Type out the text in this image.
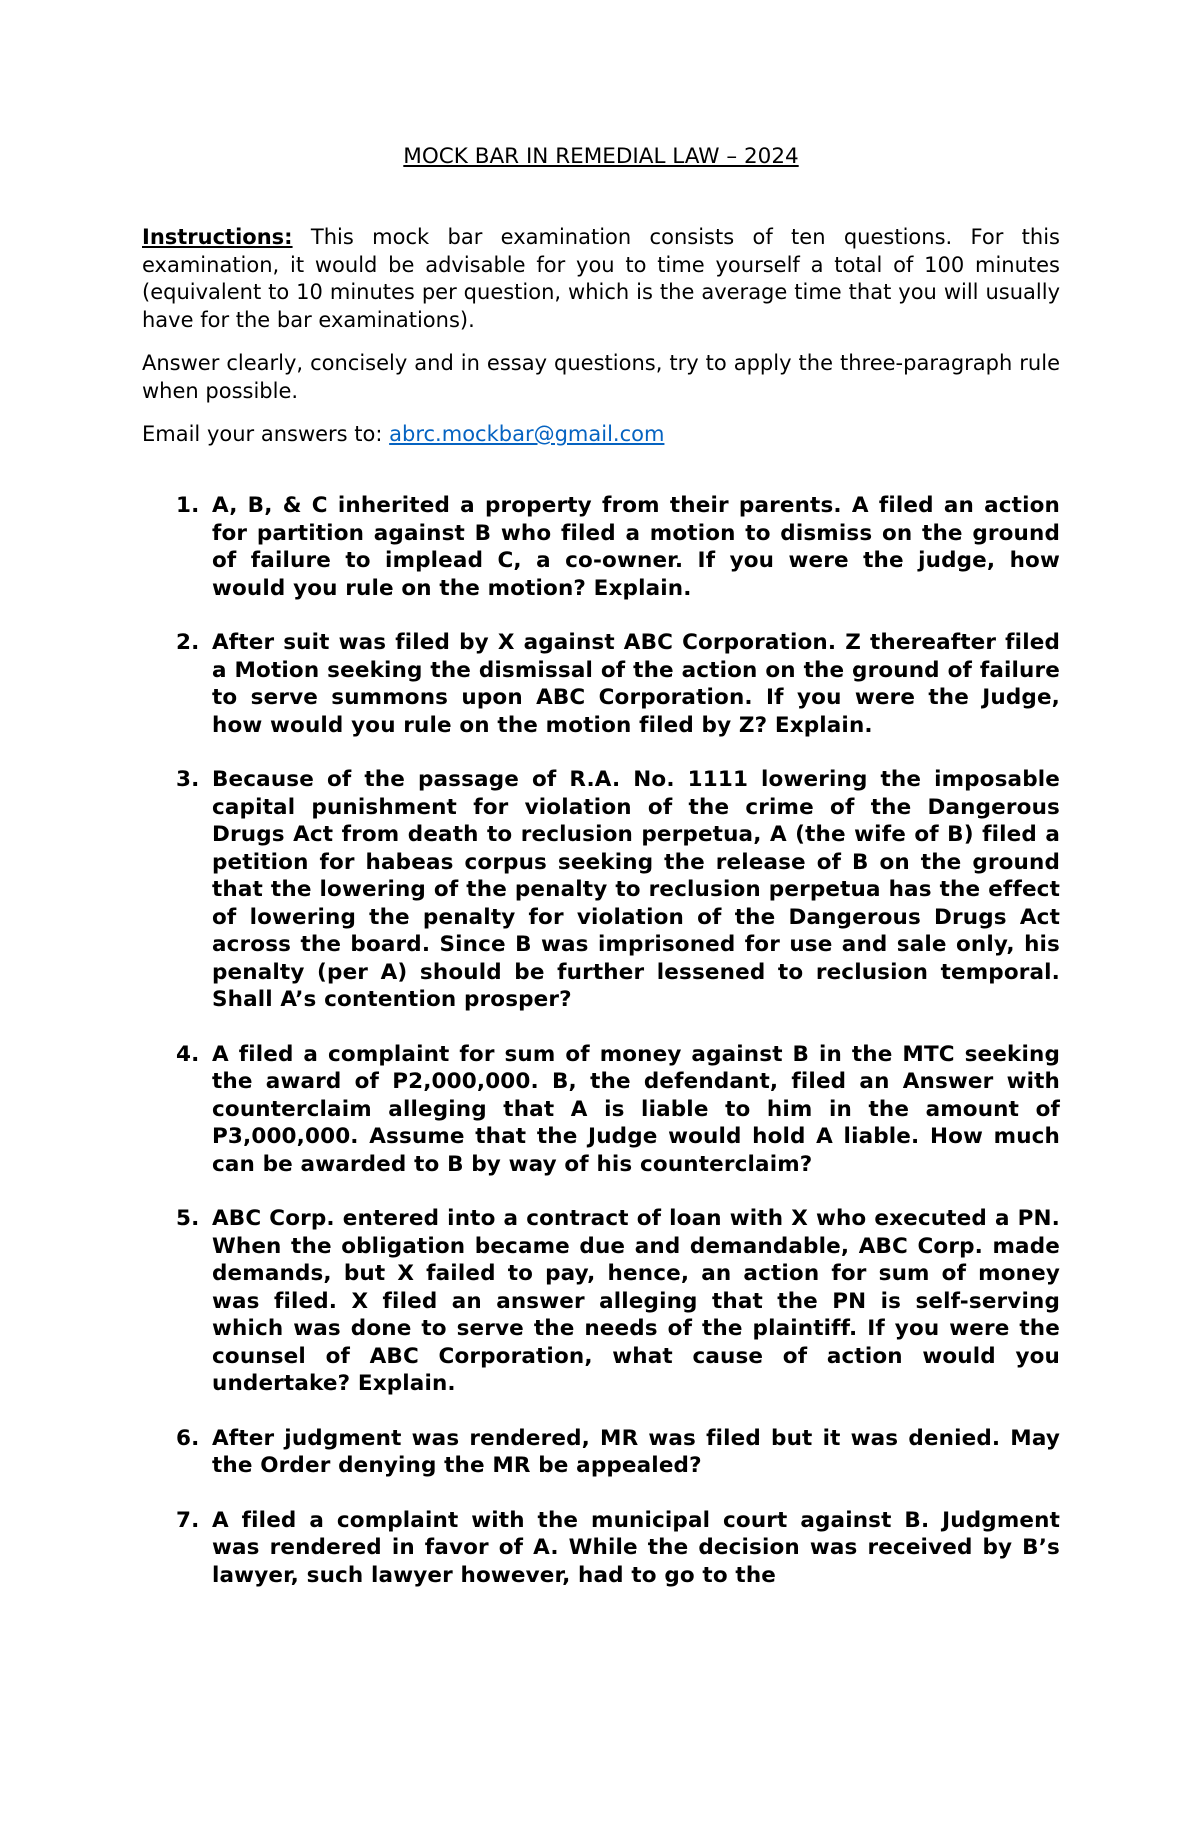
MOCK BAR IN REMEDIAL LAW – 2024

Instructions: This mock bar examination consists of ten questions. For this examination, it would be advisable for you to time yourself a total of 100 minutes (equivalent to 10 minutes per question, which is the average time that you will usually have for the bar examinations).

Answer clearly, concisely and in essay questions, try to apply the three-paragraph rule when possible.

Email your answers to: abrc.mockbar@gmail.com

1. A, B, & C inherited a property from their parents. A filed an action for partition against B who filed a motion to dismiss on the ground of failure to implead C, a co-owner. If you were the judge, how would you rule on the motion? Explain.
2. After suit was filed by X against ABC Corporation. Z thereafter filed a Motion seeking the dismissal of the action on the ground of failure to serve summons upon ABC Corporation. If you were the Judge, how would you rule on the motion filed by Z? Explain.
3. Because of the passage of R.A. No. 1111 lowering the imposable capital punishment for violation of the crime of the Dangerous Drugs Act from death to reclusion perpetua, A (the wife of B) filed a petition for habeas corpus seeking the release of B on the ground that the lowering of the penalty to reclusion perpetua has the effect of lowering the penalty for violation of the Dangerous Drugs Act across the board. Since B was imprisoned for use and sale only, his penalty (per A) should be further lessened to reclusion temporal. Shall A’s contention prosper?
4. A filed a complaint for sum of money against B in the MTC seeking the award of P2,000,000. B, the defendant, filed an Answer with counterclaim alleging that A is liable to him in the amount of P3,000,000. Assume that the Judge would hold A liable. How much can be awarded to B by way of his counterclaim?
5. ABC Corp. entered into a contract of loan with X who executed a PN. When the obligation became due and demandable, ABC Corp. made demands, but X failed to pay, hence, an action for sum of money was filed. X filed an answer alleging that the PN is self-serving which was done to serve the needs of the plaintiff. If you were the counsel of ABC Corporation, what cause of action would you undertake? Explain.
6. After judgment was rendered, MR was filed but it was denied. May the Order denying the MR be appealed?
7. A filed a complaint with the municipal court against B. Judgment was rendered in favor of A. While the decision was received by B’s lawyer, such lawyer however, had to go to the
